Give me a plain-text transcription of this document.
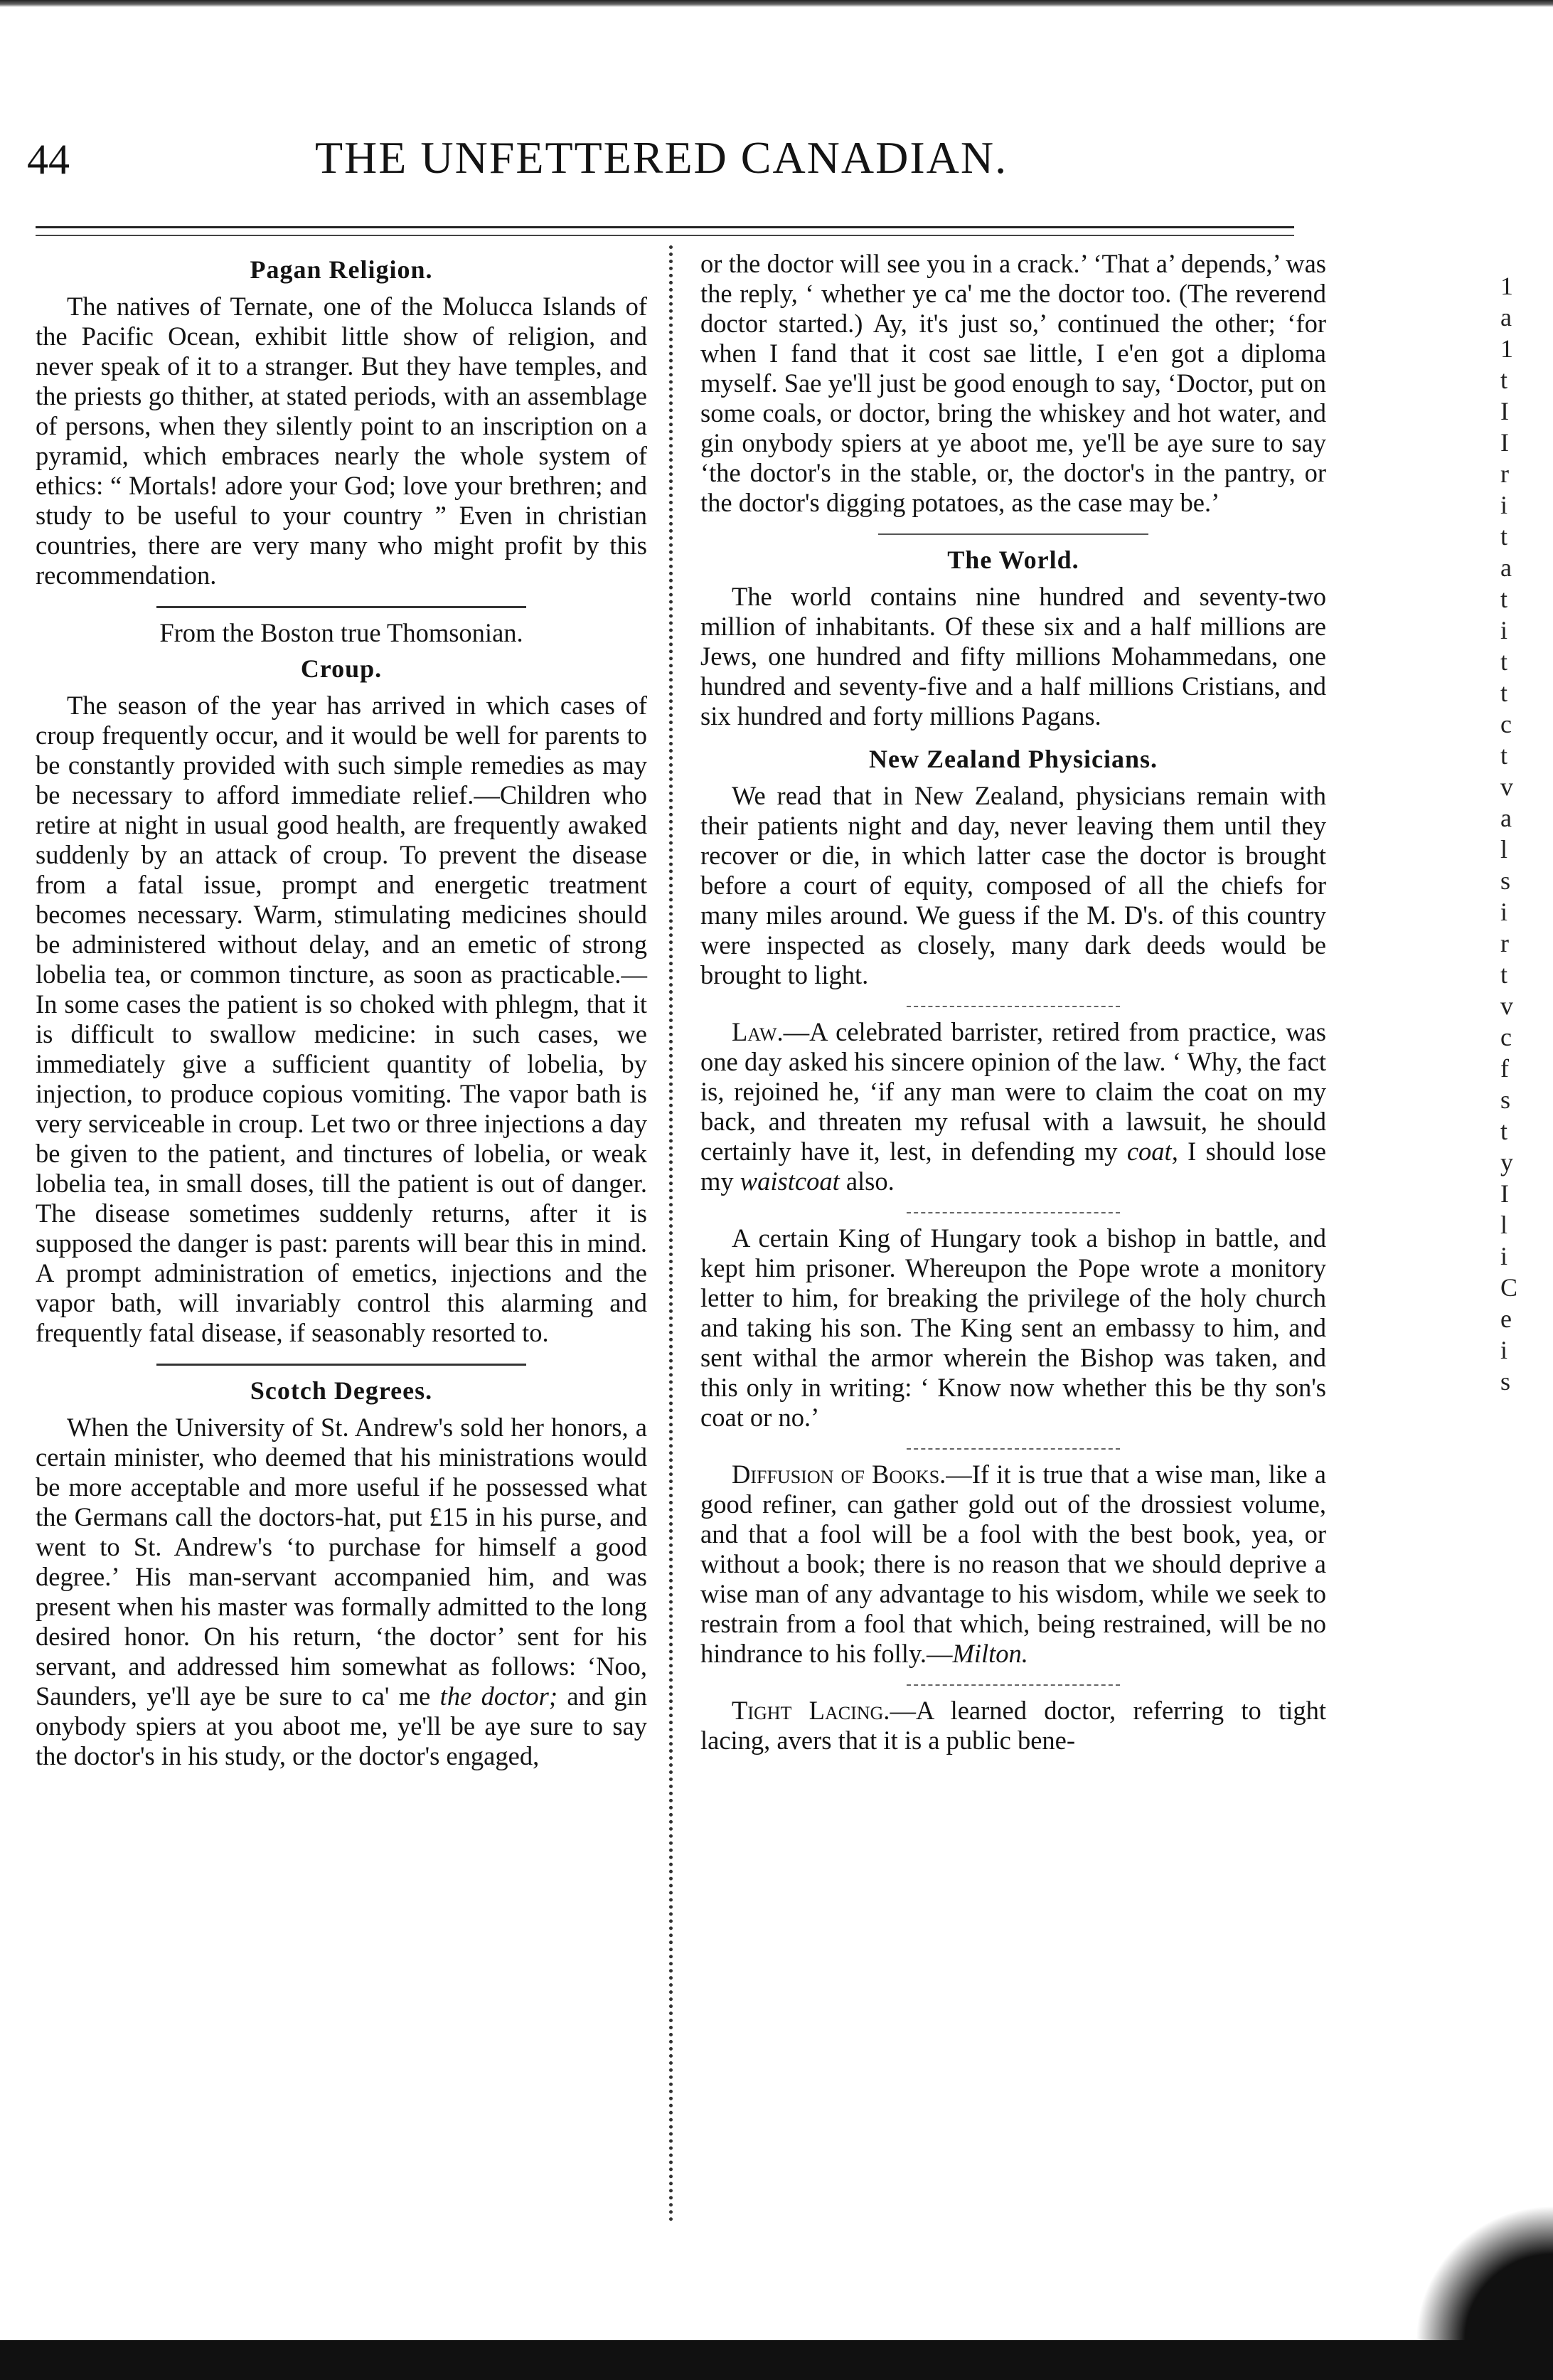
44	THE UNFETTERED CANADIAN.
Pagan Religion.

The natives of Ternate, one of the Molucca Islands of the Pacific Ocean, exhibit little show of religion, and never speak of it to a stranger. But they have temples, and the priests go thither, at stated periods, with an assemblage of persons, when they silently point to an inscription on a pyramid, which embraces nearly the whole system of ethics: “ Mortals! adore your God; love your brethren; and study to be useful to your country ” Even in christian countries, there are very many who might profit by this recommendation.

From the Boston true Thomsonian.
Croup.

The season of the year has arrived in which cases of croup frequently occur, and it would be well for parents to be constantly provided with such simple remedies as may be necessary to afford immediate relief.—Children who retire at night in usual good health, are frequently awaked suddenly by an attack of croup. To prevent the disease from a fatal issue, prompt and energetic treatment becomes necessary. Warm, stimulating medicines should be administered without delay, and an emetic of strong lobelia tea, or common tincture, as soon as practicable.—In some cases the patient is so choked with phlegm, that it is difficult to swallow medicine: in such cases, we immediately give a sufficient quantity of lobelia, by injection, to produce copious vomiting. The vapor bath is very serviceable in croup. Let two or three injections a day be given to the patient, and tinctures of lobelia, or weak lobelia tea, in small doses, till the patient is out of danger. The disease sometimes suddenly returns, after it is supposed the danger is past: parents will bear this in mind. A prompt administration of emetics, injections and the vapor bath, will invariably control this alarming and frequently fatal disease, if seasonably resorted to.

Scotch Degrees.

When the University of St. Andrew's sold her honors, a certain minister, who deemed that his ministrations would be more acceptable and more useful if he possessed what the Germans call the doctors-hat, put £15 in his purse, and went to St. Andrew's ‘to purchase for himself a good degree.’ His man-servant accompanied him, and was present when his master was formally admitted to the long desired honor. On his return, ‘the doctor’ sent for his servant, and addressed him somewhat as follows: ‘Noo, Saunders, ye'll aye be sure to ca' me the doctor; and gin onybody spiers at you aboot me, ye'll be aye sure to say the doctor's in his study, or the doctor's engaged,

or the doctor will see you in a crack.’ ‘That a’ depends,’ was the reply, ‘ whether ye ca' me the doctor too. (The reverend doctor started.) Ay, it's just so,’ continued the other; ‘for when I fand that it cost sae little, I e'en got a diploma myself. Sae ye'll just be good enough to say, ‘Doctor, put on some coals, or doctor, bring the whiskey and hot water, and gin onybody spiers at ye aboot me, ye'll be aye sure to say ‘the doctor's in the stable, or, the doctor's in the pantry, or the doctor's digging potatoes, as the case may be.’

The World.

The world contains nine hundred and seventy-two million of inhabitants. Of these six and a half millions are Jews, one hundred and fifty millions Mohammedans, one hundred and seventy-five and a half millions Cristians, and six hundred and forty millions Pagans.

New Zealand Physicians.

We read that in New Zealand, physicians remain with their patients night and day, never leaving them until they recover or die, in which latter case the doctor is brought before a court of equity, composed of all the chiefs for many miles around. We guess if the M. D's. of this country were inspected as closely, many dark deeds would be brought to light.

Law.—A celebrated barrister, retired from practice, was one day asked his sincere opinion of the law. ‘ Why, the fact is, rejoined he, ‘if any man were to claim the coat on my back, and threaten my refusal with a lawsuit, he should certainly have it, lest, in defending my coat, I should lose my waistcoat also.

A certain King of Hungary took a bishop in battle, and kept him prisoner. Whereupon the Pope wrote a monitory letter to him, for breaking the privilege of the holy church and taking his son. The King sent an embassy to him, and sent withal the armor wherein the Bishop was taken, and this only in writing: ‘ Know now whether this be thy son's coat or no.’

Diffusion of Books.—If it is true that a wise man, like a good refiner, can gather gold out of the drossiest volume, and that a fool will be a fool with the best book, yea, or without a book; there is no reason that we should deprive a wise man of any advantage to his wisdom, while we seek to restrain from a fool that which, being restrained, will be no hindrance to his folly.—Milton.

Tight Lacing.—A learned doctor, referring to tight lacing, avers that it is a public bene-

1
a
1
t
I
I
r
i
t
a
t
i
t
t
c
t
v
a
l
s
i
r
t
v
c
f
s
t
y
I
l
i
C
e
i
s
